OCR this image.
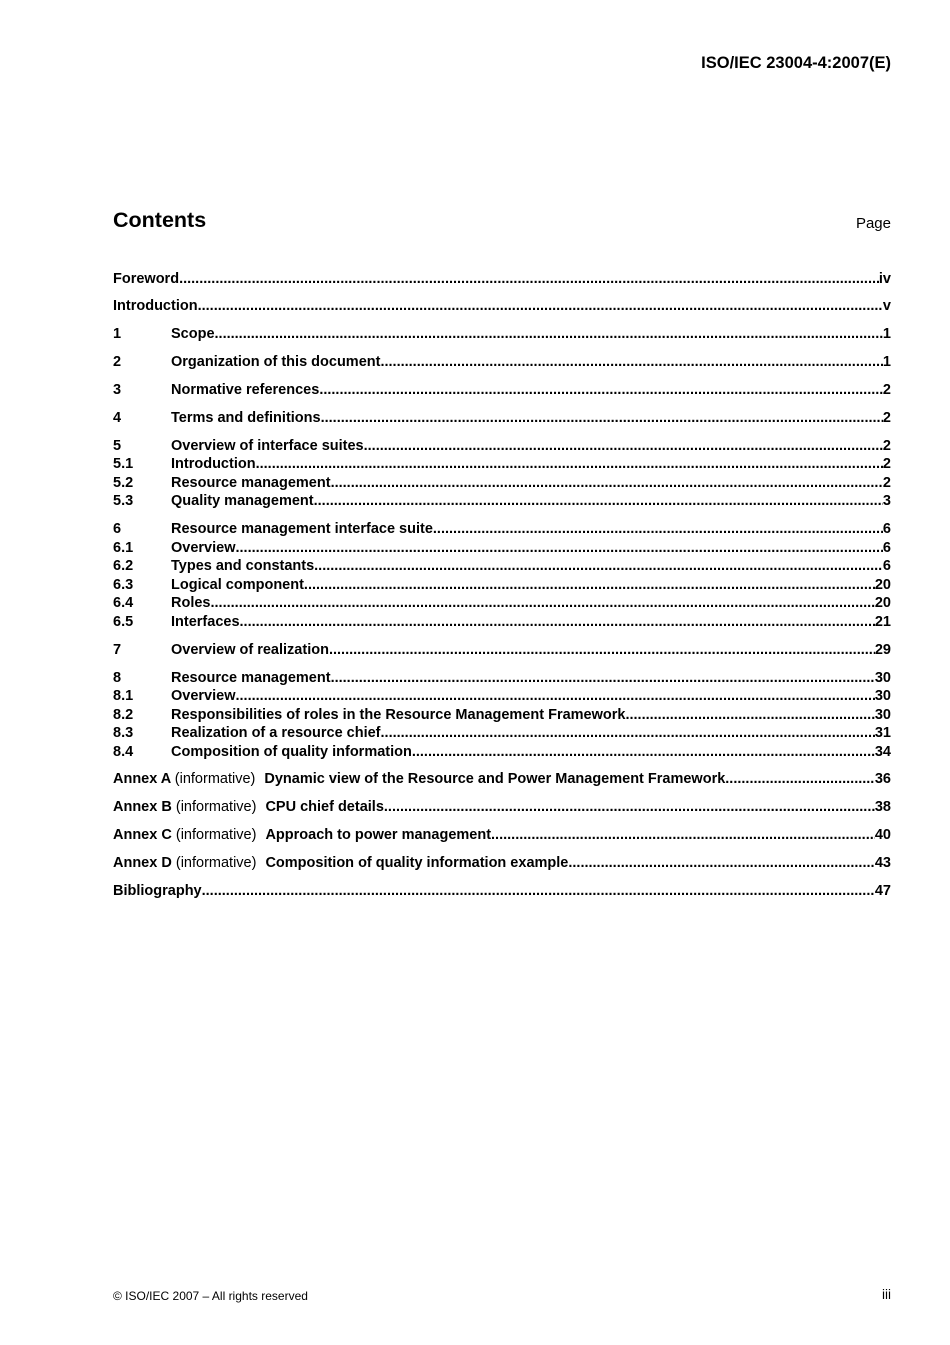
ISO/IEC 23004-4:2007(E)
Contents	Page
Foreword .....	iv
Introduction .....	v
1	Scope .....	1
2	Organization of this document .....	1
3	Normative references .....	2
4	Terms and definitions .....	2
5	Overview of interface suites .....	2
5.1	Introduction .....	2
5.2	Resource management .....	2
5.3	Quality management .....	3
6	Resource management interface suite .....	6
6.1	Overview .....	6
6.2	Types and constants .....	6
6.3	Logical component .....	20
6.4	Roles .....	20
6.5	Interfaces .....	21
7	Overview of realization .....	29
8	Resource management .....	30
8.1	Overview .....	30
8.2	Responsibilities of roles in the Resource Management Framework .....	30
8.3	Realization of a resource chief .....	31
8.4	Composition of quality information .....	34
Annex A (informative) Dynamic view of the Resource and Power Management Framework .....	36
Annex B (informative) CPU chief details .....	38
Annex C (informative) Approach to power management .....	40
Annex D (informative) Composition of quality information example .....	43
Bibliography .....	47
© ISO/IEC 2007 – All rights reserved	iii
